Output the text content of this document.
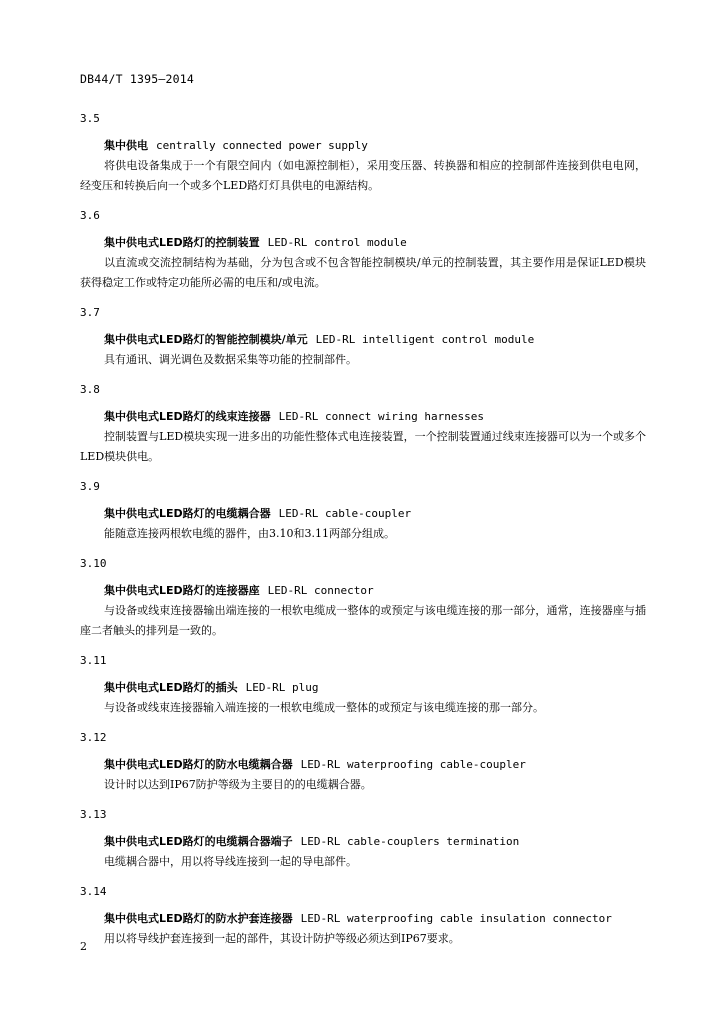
DB44/T 1395—2014
3.5
集中供电 centrally connected power supply
将供电设备集成于一个有限空间内（如电源控制柜），采用变压器、转换器和相应的控制部件连接到供电电网，经变压和转换后向一个或多个LED路灯灯具供电的电源结构。
3.6
集中供电式LED路灯的控制装置 LED-RL control module
以直流或交流控制结构为基础，分为包含或不包含智能控制模块/单元的控制装置，其主要作用是保证LED模块获得稳定工作或特定功能所必需的电压和/或电流。
3.7
集中供电式LED路灯的智能控制模块/单元 LED-RL intelligent control module
具有通讯、调光调色及数据采集等功能的控制部件。
3.8
集中供电式LED路灯的线束连接器 LED-RL connect wiring harnesses
控制装置与LED模块实现一进多出的功能性整体式电连接装置，一个控制装置通过线束连接器可以为一个或多个LED模块供电。
3.9
集中供电式LED路灯的电缆耦合器 LED-RL cable-coupler
能随意连接两根软电缆的器件，由3.10和3.11两部分组成。
3.10
集中供电式LED路灯的连接器座 LED-RL connector
与设备或线束连接器输出端连接的一根软电缆成一整体的或预定与该电缆连接的那一部分，通常，连接器座与插座二者触头的排列是一致的。
3.11
集中供电式LED路灯的插头 LED-RL plug
与设备或线束连接器输入端连接的一根软电缆成一整体的或预定与该电缆连接的那一部分。
3.12
集中供电式LED路灯的防水电缆耦合器 LED-RL waterproofing cable-coupler
设计时以达到IP67防护等级为主要目的的电缆耦合器。
3.13
集中供电式LED路灯的电缆耦合器端子 LED-RL cable-couplers termination
电缆耦合器中，用以将导线连接到一起的导电部件。
3.14
集中供电式LED路灯的防水护套连接器 LED-RL waterproofing cable insulation connector
用以将导线护套连接到一起的部件，其设计防护等级必须达到IP67要求。
2
